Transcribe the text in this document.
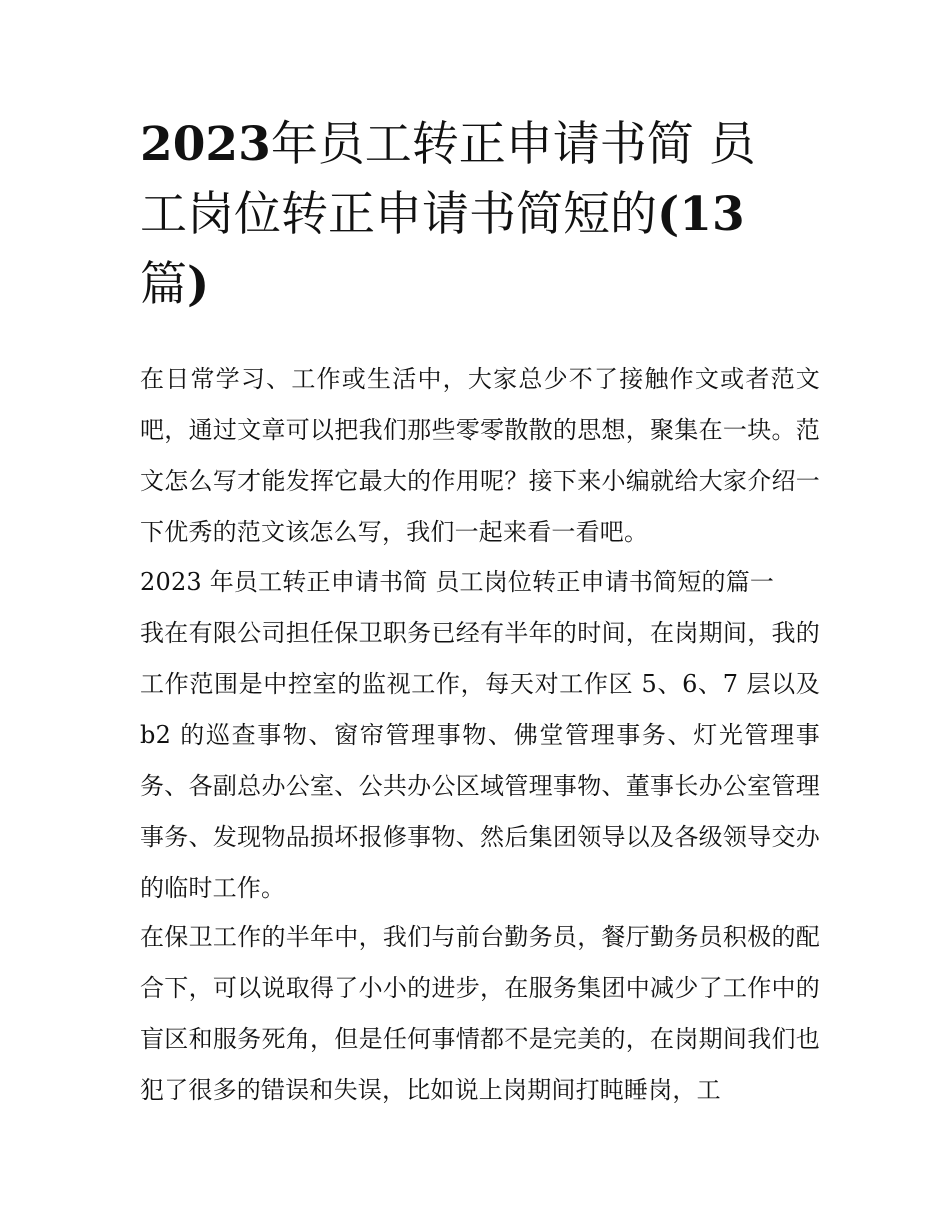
2023年员工转正申请书简 员
工岗位转正申请书简短的(13
篇)

在日常学习、工作或生活中，大家总少不了接触作文或者范文吧，通过文章可以把我们那些零零散散的思想，聚集在一块。范文怎么写才能发挥它最大的作用呢？接下来小编就给大家介绍一下优秀的范文该怎么写，我们一起来看一看吧。

2023 年员工转正申请书简 员工岗位转正申请书简短的篇一

我在有限公司担任保卫职务已经有半年的时间，在岗期间，我的工作范围是中控室的监视工作，每天对工作区 5、6、7 层以及 b2 的巡查事物、窗帘管理事物、佛堂管理事务、灯光管理事务、各副总办公室、公共办公区域管理事物、董事长办公室管理事务、发现物品损坏报修事物、然后集团领导以及各级领导交办的临时工作。

在保卫工作的半年中，我们与前台勤务员，餐厅勤务员积极的配合下，可以说取得了小小的进步，在服务集团中减少了工作中的盲区和服务死角，但是任何事情都不是完美的，在岗期间我们也犯了很多的错误和失误，比如说上岗期间打盹睡岗，工
